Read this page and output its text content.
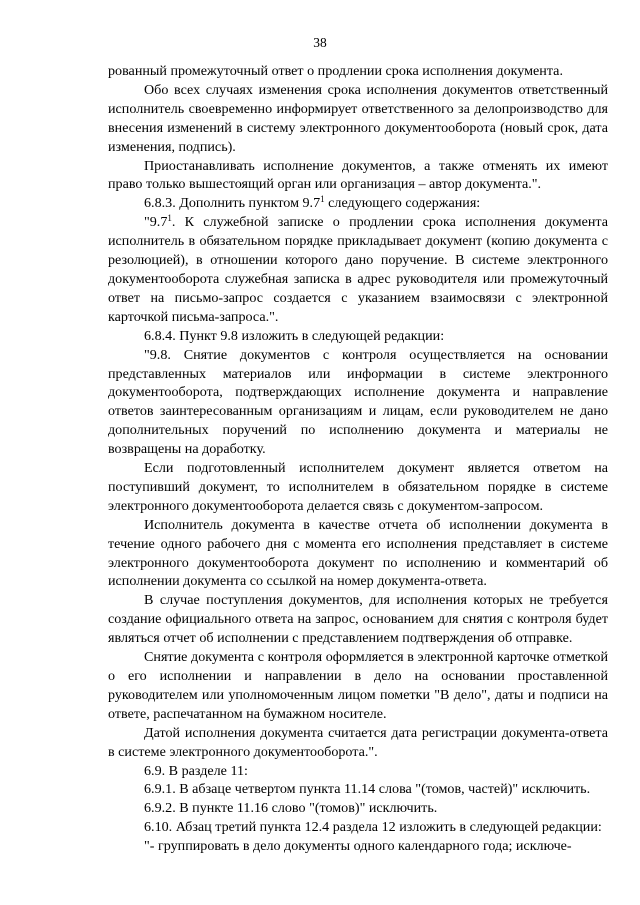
38

рованный промежуточный ответ о продлении срока исполнения документа.

Обо всех случаях изменения срока исполнения документов ответственный исполнитель своевременно информирует ответственного за делопроизводство для внесения изменений в систему электронного документооборота (новый срок, дата изменения, подпись).

Приостанавливать исполнение документов, а также отменять их имеют право только вышестоящий орган или организация – автор документа.".

6.8.3. Дополнить пунктом $9.7^1$ следующего содержания:

"$9.7^1$. К служебной записке о продлении срока исполнения документа исполнитель в обязательном порядке прикладывает документ (копию документа с резолюцией), в отношении которого дано поручение. В системе электронного документооборота служебная записка в адрес руководителя или промежуточный ответ на письмо-запрос создается с указанием взаимосвязи с электронной карточкой письма-запроса.".

6.8.4. Пункт 9.8 изложить в следующей редакции:

"9.8. Снятие документов с контроля осуществляется на основании представленных материалов или информации в системе электронного документооборота, подтверждающих исполнение документа и направление ответов заинтересованным организациям и лицам, если руководителем не дано дополнительных поручений по исполнению документа и материалы не возвращены на доработку.

Если подготовленный исполнителем документ является ответом на поступивший документ, то исполнителем в обязательном порядке в системе электронного документооборота делается связь с документом-запросом.

Исполнитель документа в качестве отчета об исполнении документа в течение одного рабочего дня с момента его исполнения представляет в системе электронного документооборота документ по исполнению и комментарий об исполнении документа со ссылкой на номер документа-ответа.

В случае поступления документов, для исполнения которых не требуется создание официального ответа на запрос, основанием для снятия с контроля будет являться отчет об исполнении с представлением подтверждения об отправке.

Снятие документа с контроля оформляется в электронной карточке отметкой о его исполнении и направлении в дело на основании проставленной руководителем или уполномоченным лицом пометки "В дело", даты и подписи на ответе, распечатанном на бумажном носителе.

Датой исполнения документа считается дата регистрации документа-ответа в системе электронного документооборота.".

6.9. В разделе 11:

6.9.1. В абзаце четвертом пункта 11.14 слова "(томов, частей)" исключить.

6.9.2. В пункте 11.16 слово "(томов)" исключить.

6.10. Абзац третий пункта 12.4 раздела 12 изложить в следующей редакции:

"- группировать в дело документы одного календарного года; исключе-
